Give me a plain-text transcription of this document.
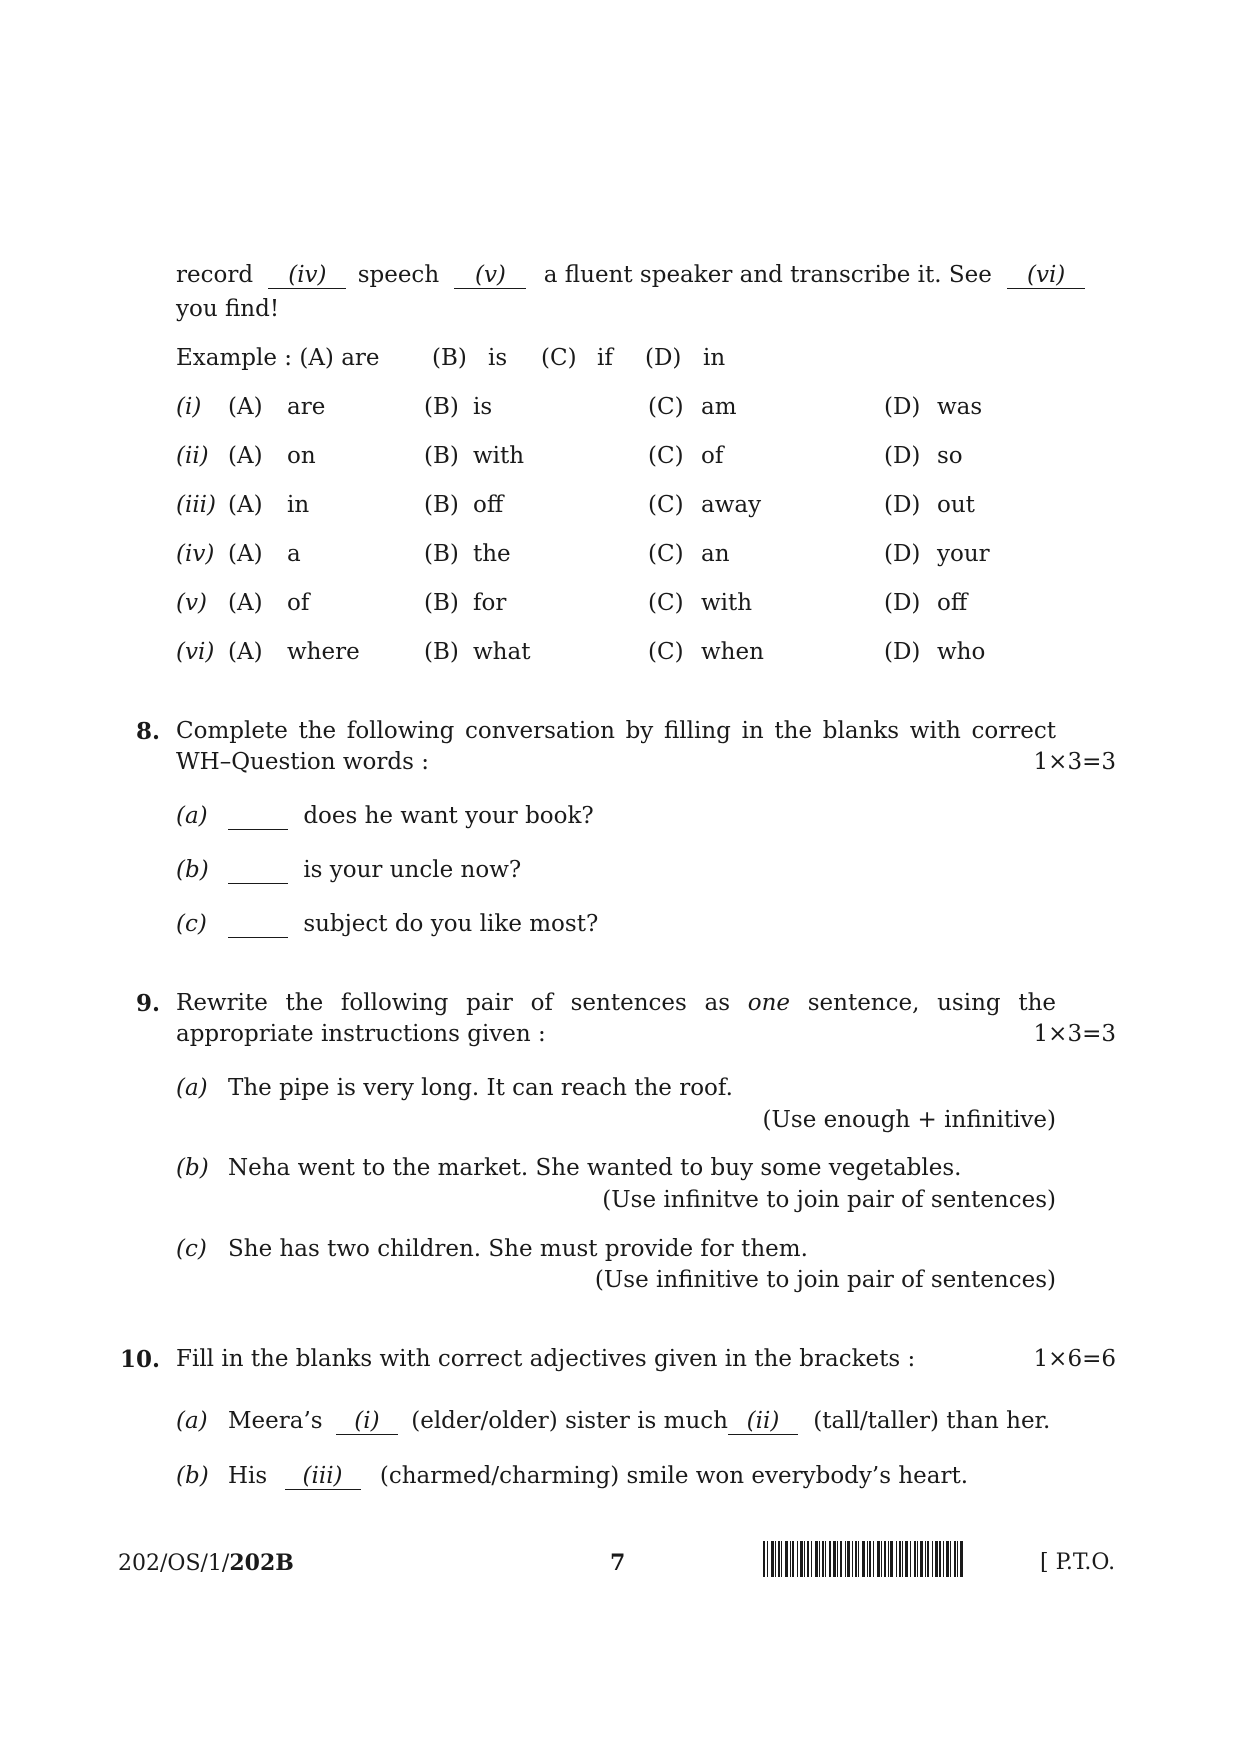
record (iv) speech (v) a fluent speaker and transcribe it. See (vi)
you find!
Example : (A) are (B) is (C) if (D) in
(i) (A) are	(B) is	(C) am	(D) was
(ii) (A) on	(B) with	(C) of	(D) so
(iii) (A) in	(B) off	(C) away	(D) out
(iv) (A) a	(B) the	(C) an	(D) your
(v) (A) of	(B) for	(C) with	(D) off
(vi) (A) where	(B) what	(C) when	(D) who
8. Complete the following conversation by filling in the blanks with correct
WH–Question words :	1×3=3
(a)	does he want your book?
(b)	is your uncle now?
(c)	subject do you like most?
9. Rewrite the following pair of sentences as one sentence, using the
appropriate instructions given :	1×3=3
(a) The pipe is very long. It can reach the roof.
(Use enough + infinitive)
(b) Neha went to the market. She wanted to buy some vegetables.
(Use infinitve to join pair of sentences)
(c) She has two children. She must provide for them.
(Use infinitive to join pair of sentences)
10. Fill in the blanks with correct adjectives given in the brackets :	1×6=6
(a) Meera’s (i) (elder/older) sister is much (ii) (tall/taller) than her.
(b) His (iii) (charmed/charming) smile won everybody’s heart.
202/OS/1/202B	7	[ P.T.O.
